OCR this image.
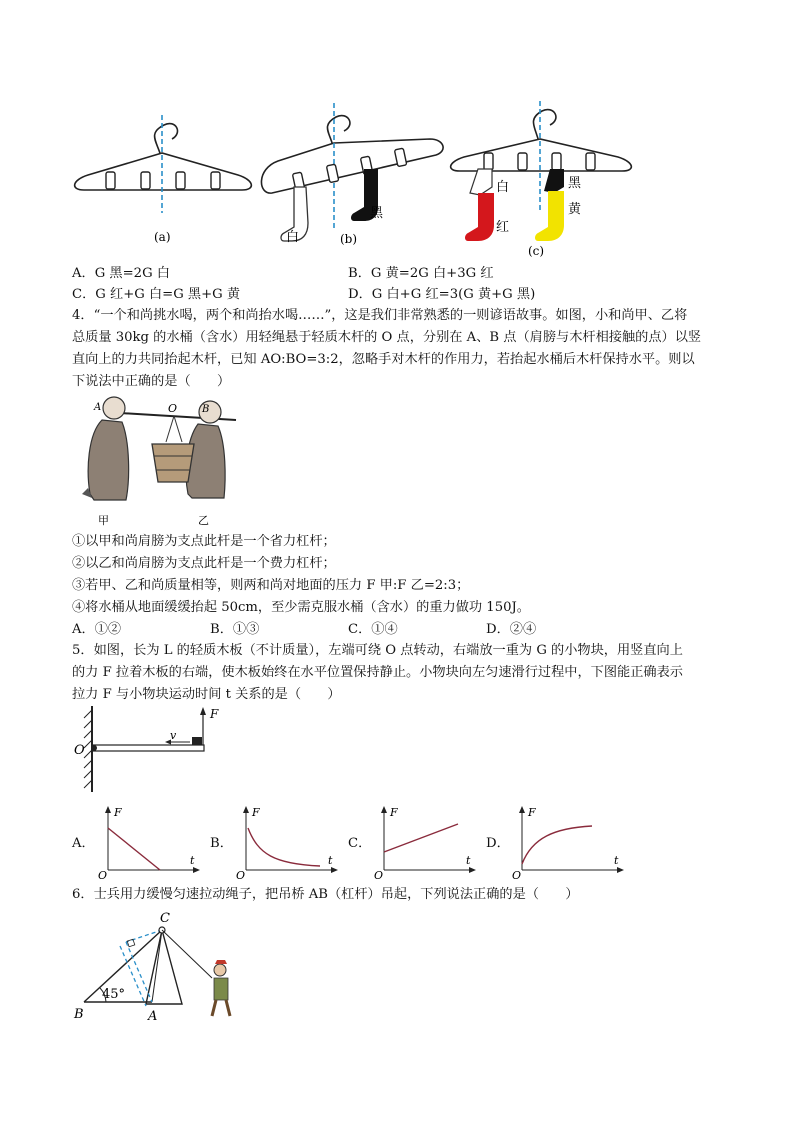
白
黑
白	黑
红
黄
(a)	(b)
(c)
A．G 黑=2G 白	B．G 黄=2G 白+3G 红
C．G 红+G 白=G 黑+G 黄	D．G 白+G 红=3(G 黄+G 黑)
4．“一个和尚挑水喝，两个和尚抬水喝……”，这是我们非常熟悉的一则谚语故事。如图，小和尚甲、乙将
总质量 30kg 的水桶（含水）用轻绳悬于轻质木杆的 O 点，分别在 A、B 点（肩膀与木杆相接触的点）以竖
直向上的力共同抬起木杆，已知 AO:BO=3:2，忽略手对木杆的作用力，若抬起水桶后木杆保持水平。则以
下说法中正确的是（　　）
A	O B
甲	乙
①以甲和尚肩膀为支点此杆是一个省力杠杆；
②以乙和尚肩膀为支点此杆是一个费力杠杆；
③若甲、乙和尚质量相等，则两和尚对地面的压力 F 甲:F 乙=2:3；
④将水桶从地面缓缓抬起 50cm，至少需克服水桶（含水）的重力做功 150J。
A．①②	B．①③	C．①④	D．②④
5．如图，长为 L 的轻质木板（不计质量），左端可绕 O 点转动，右端放一重为 G 的小物块，用竖直向上
的力 F 拉着木板的右端，使木板始终在水平位置保持静止。小物块向左匀速滑行过程中，下图能正确表示
拉力 F 与小物块运动时间 t 关系的是（　　）
O
F
v
A．	B．	C．	D．
F
t
O
F
t
O
F
t
O
F
t
O
6．士兵用力缓慢匀速拉动绳子，把吊桥 AB（杠杆）吊起，下列说法正确的是（　　）
45°
C
B	A
